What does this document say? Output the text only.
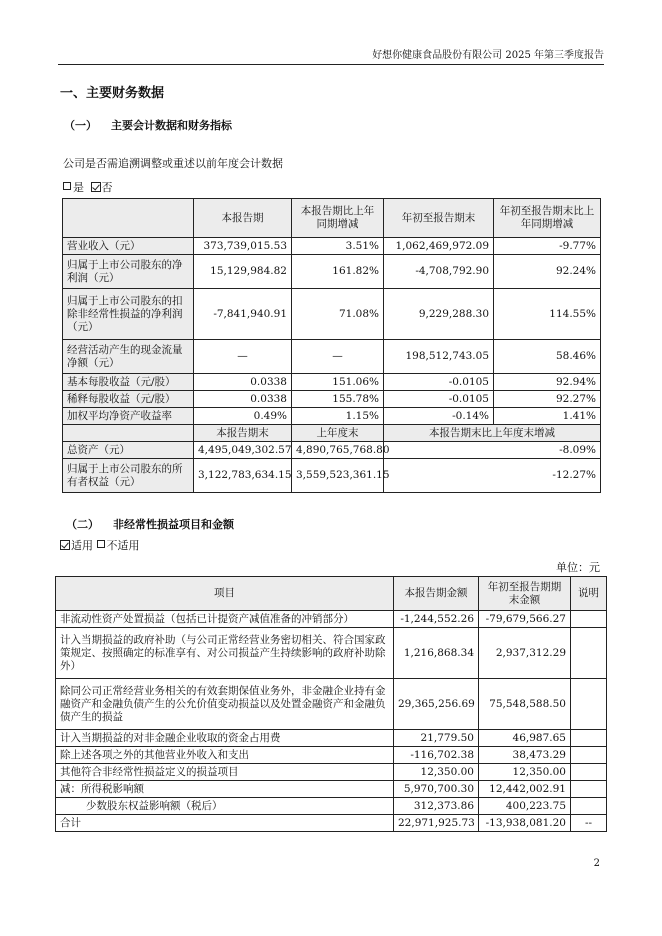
好想你健康食品股份有限公司 2025 年第三季度报告
一、主要财务数据
（一） 主要会计数据和财务指标
公司是否需追溯调整或重述以前年度会计数据
是 否
	本报告期	本报告期比上年同期增减	年初至报告期末	年初至报告期末比上年同期增减
营业收入（元）	373,739,015.53	3.51%	1,062,469,972.09	-9.77%
归属于上市公司股东的净利润（元）	15,129,984.82	161.82%	-4,708,792.90	92.24%
归属于上市公司股东的扣除非经常性损益的净利润（元）	-7,841,940.91	71.08%	9,229,288.30	114.55%
经营活动产生的现金流量净额（元）	—	—	198,512,743.05	58.46%
基本每股收益（元/股）	0.0338	151.06%	-0.0105	92.94%
稀释每股收益（元/股）	0.0338	155.78%	-0.0105	92.27%
加权平均净资产收益率	0.49%	1.15%	-0.14%	1.41%
	本报告期末	上年度末	本报告期末比上年度末增减	
总资产（元）	4,495,049,302.57	4,890,765,768.80	-8.09%	
归属于上市公司股东的所有者权益（元）	3,122,783,634.15	3,559,523,361.15	-12.27%	
（二） 非经常性损益项目和金额
适用 不适用
单位：元
项目	本报告期金额	年初至报告期期末金额	说明
非流动性资产处置损益（包括已计提资产减值准备的冲销部分）	-1,244,552.26	-79,679,566.27	
计入当期损益的政府补助（与公司正常经营业务密切相关、符合国家政策规定、按照确定的标准享有、对公司损益产生持续影响的政府补助除外）	1,216,868.34	2,937,312.29	
除同公司正常经营业务相关的有效套期保值业务外，非金融企业持有金融资产和金融负债产生的公允价值变动损益以及处置金融资产和金融负债产生的损益	29,365,256.69	75,548,588.50	
计入当期损益的对非金融企业收取的资金占用费	21,779.50	46,987.65	
除上述各项之外的其他营业外收入和支出	-116,702.38	38,473.29	
其他符合非经常性损益定义的损益项目	12,350.00	12,350.00	
减：所得税影响额	5,970,700.30	12,442,002.91	
少数股东权益影响额（税后）	312,373.86	400,223.75	
合计	22,971,925.73	-13,938,081.20	--
2
